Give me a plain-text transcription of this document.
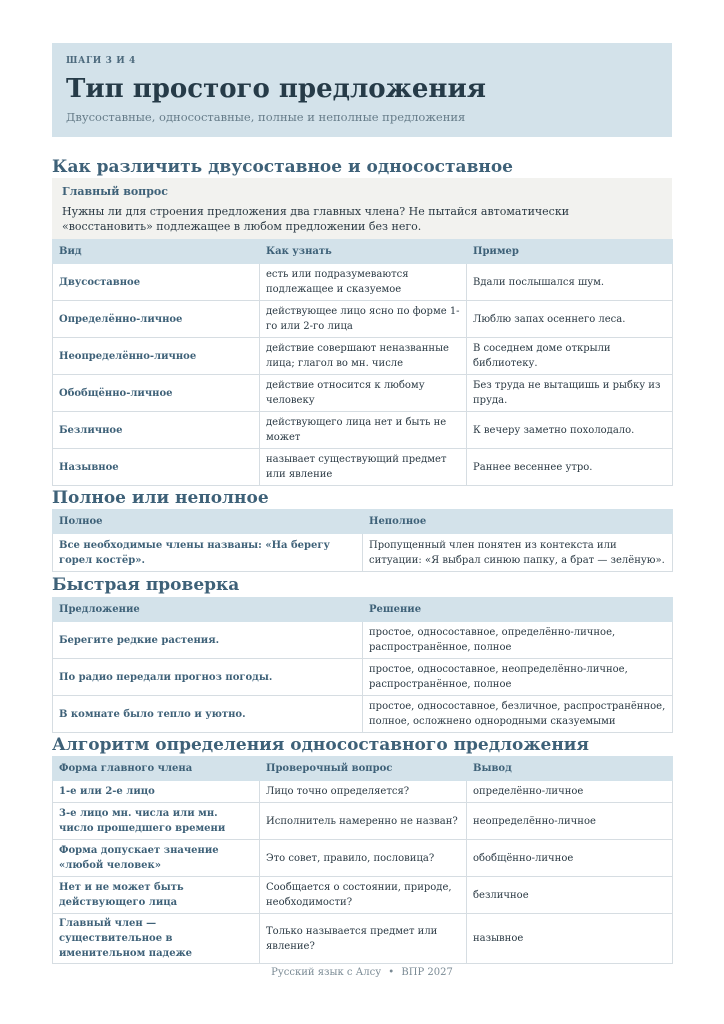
ШАГИ 3 И 4
Тип простого предложения
Двусоставные, односоставные, полные и неполные предложения
Как различить двусоставное и односоставное
Главный вопрос
Нужны ли для строения предложения два главных члена? Не пытайся автоматически «восстановить» подлежащее в любом предложении без него.
Вид	Как узнать	Пример
Двусоставное	есть или подразумеваются подлежащее и сказуемое	Вдали послышался шум.
Определённо-личное	действующее лицо ясно по форме 1-го или 2-го лица	Люблю запах осеннего леса.
Неопределённо-личное	действие совершают неназванные лица; глагол во мн. числе	В соседнем доме открыли библиотеку.
Обобщённо-личное	действие относится к любому человеку	Без труда не вытащишь и рыбку из пруда.
Безличное	действующего лица нет и быть не может	К вечеру заметно похолодало.
Назывное	называет существующий предмет или явление	Раннее весеннее утро.
Полное или неполное
Полное	Неполное
Все необходимые члены названы: «На берегу горел костёр».	Пропущенный член понятен из контекста или ситуации: «Я выбрал синюю папку, а брат — зелёную».
Быстрая проверка
Предложение	Решение
Берегите редкие растения.	простое, односоставное, определённо-личное, распространённое, полное
По радио передали прогноз погоды.	простое, односоставное, неопределённо-личное, распространённое, полное
В комнате было тепло и уютно.	простое, односоставное, безличное, распространённое, полное, осложнено однородными сказуемыми
Алгоритм определения односоставного предложения
Форма главного члена	Проверочный вопрос	Вывод
1-е или 2-е лицо	Лицо точно определяется?	определённо-личное
3-е лицо мн. числа или мн. число прошедшего времени	Исполнитель намеренно не назван?	неопределённо-личное
Форма допускает значение «любой человек»	Это совет, правило, пословица?	обобщённо-личное
Нет и не может быть действующего лица	Сообщается о состоянии, природе, необходимости?	безличное
Главный член — существительное в именительном падеже	Только называется предмет или явление?	назывное
Русский язык с Алсу • ВПР 2027
